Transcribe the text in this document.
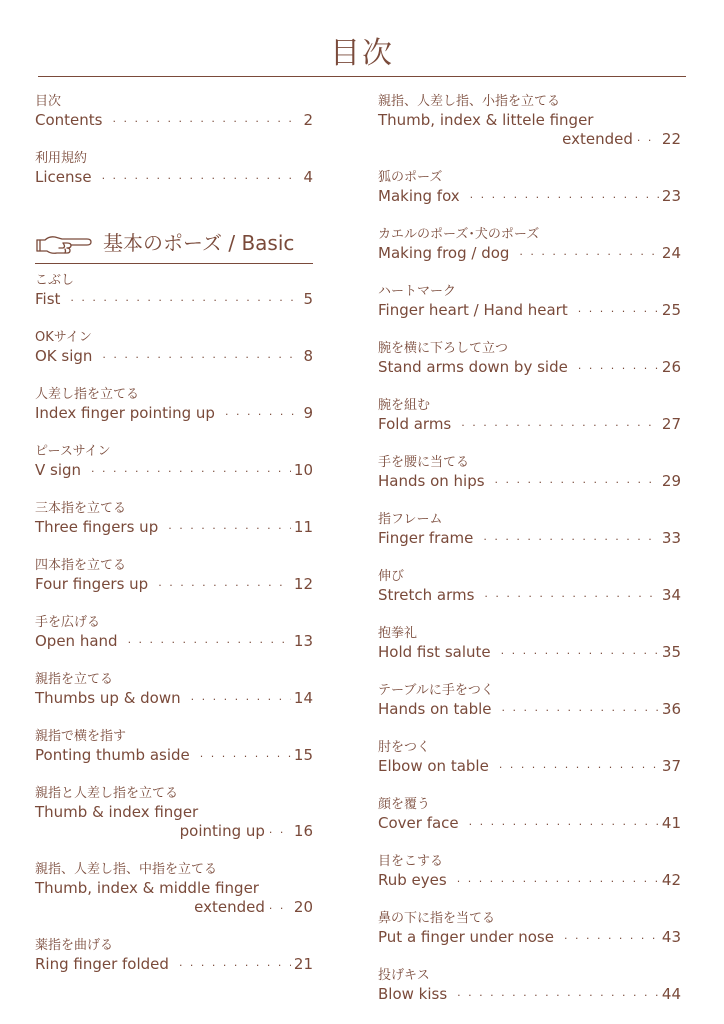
目次
目次
Contents · · ·	2
利用規約
License · · ·	4
基本のポーズ / Basic
こぶし
Fist · · ·	5
OKサイン
OK sign · · ·	8
人差し指を立てる
Index finger pointing up · · ·	9
ピースサイン
V sign · · ·	10
三本指を立てる
Three fingers up · · ·	11
四本指を立てる
Four fingers up · · ·	12
手を広げる
Open hand · · ·	13
親指を立てる
Thumbs up & down · · ·	14
親指で横を指す
Ponting thumb aside · · ·	15
親指と人差し指を立てる
Thumb & index finger
pointing up · · · 16
親指、人差し指、中指を立てる
Thumb, index & middle finger
extended · · · 20
薬指を曲げる
Ring finger folded · · ·	21
親指、人差し指、小指を立てる
Thumb, index & littele finger
extended · · · 22
狐のポーズ
Making fox · · ·	23
カエルのポーズ･犬のポーズ
Making frog / dog · · ·	24
ハートマーク
Finger heart / Hand heart · · ·	25
腕を横に下ろして立つ
Stand arms down by side · · ·	26
腕を組む
Fold arms · · ·	27
手を腰に当てる
Hands on hips · · ·	29
指フレーム
Finger frame · · ·	33
伸び
Stretch arms · · ·	34
抱拳礼
Hold fist salute · · ·	35
テーブルに手をつく
Hands on table · · ·	36
肘をつく
Elbow on table · · ·	37
顔を覆う
Cover face · · ·	41
目をこする
Rub eyes · · ·	42
鼻の下に指を当てる
Put a finger under nose · · ·	43
投げキス
Blow kiss · · ·	44
